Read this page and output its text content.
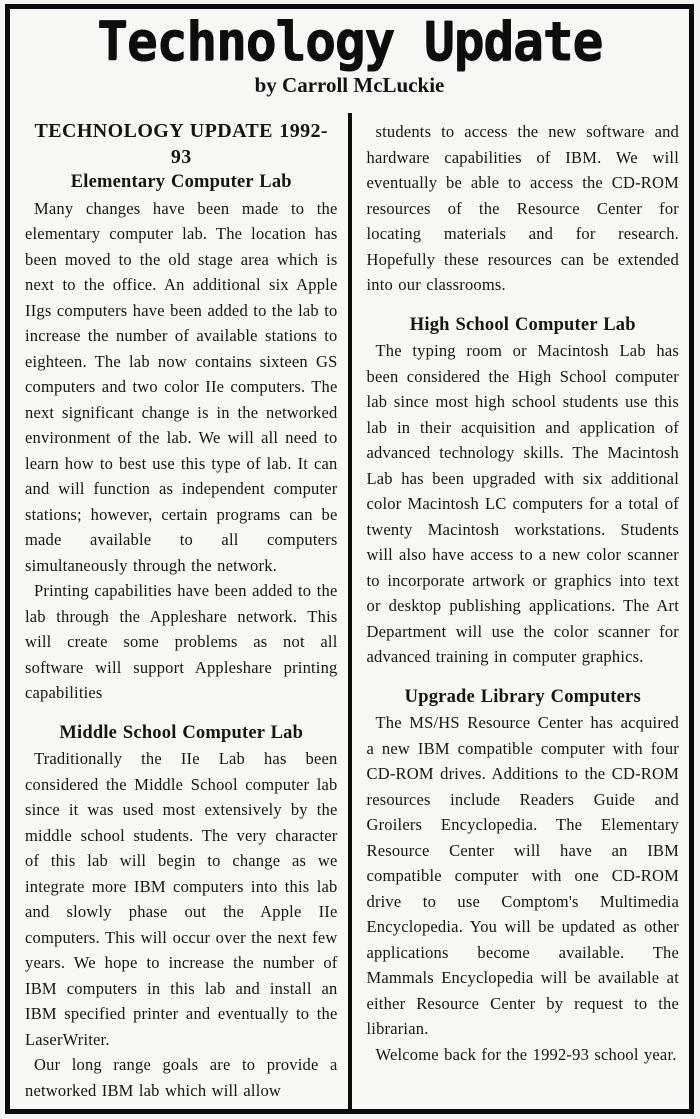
Technology Update
by Carroll McLuckie
TECHNOLOGY UPDATE 1992-93
Elementary Computer Lab

Many changes have been made to the elementary computer lab. The location has been moved to the old stage area which is next to the office. An additional six Apple IIgs computers have been added to the lab to increase the number of available stations to eighteen. The lab now contains sixteen GS computers and two color IIe computers. The next significant change is in the networked environment of the lab. We will all need to learn how to best use this type of lab. It can and will function as independent computer stations; however, certain programs can be made available to all computers simultaneously through the network.

Printing capabilities have been added to the lab through the Appleshare network. This will create some problems as not all software will support Appleshare printing capabilities

Middle School Computer Lab

Traditionally the IIe Lab has been considered the Middle School computer lab since it was used most extensively by the middle school students. The very character of this lab will begin to change as we integrate more IBM computers into this lab and slowly phase out the Apple IIe computers. This will occur over the next few years. We hope to increase the number of IBM computers in this lab and install an IBM specified printer and eventually to the LaserWriter.

Our long range goals are to provide a networked IBM lab which will allow

students to access the new software and hardware capabilities of IBM. We will eventually be able to access the CD-ROM resources of the Resource Center for locating materials and for research. Hopefully these resources can be extended into our classrooms.

High School Computer Lab

The typing room or Macintosh Lab has been considered the High School computer lab since most high school students use this lab in their acquisition and application of advanced technology skills. The Macintosh Lab has been upgraded with six additional color Macintosh LC computers for a total of twenty Macintosh workstations. Students will also have access to a new color scanner to incorporate artwork or graphics into text or desktop publishing applications. The Art Department will use the color scanner for advanced training in computer graphics.

Upgrade Library Computers

The MS/HS Resource Center has acquired a new IBM compatible computer with four CD-ROM drives. Additions to the CD-ROM resources include Readers Guide and Groilers Encyclopedia. The Elementary Resource Center will have an IBM compatible computer with one CD-ROM drive to use Comptom's Multimedia Encyclopedia. You will be updated as other applications become available. The Mammals Encyclopedia will be available at either Resource Center by request to the librarian.

Welcome back for the 1992-93 school year.
